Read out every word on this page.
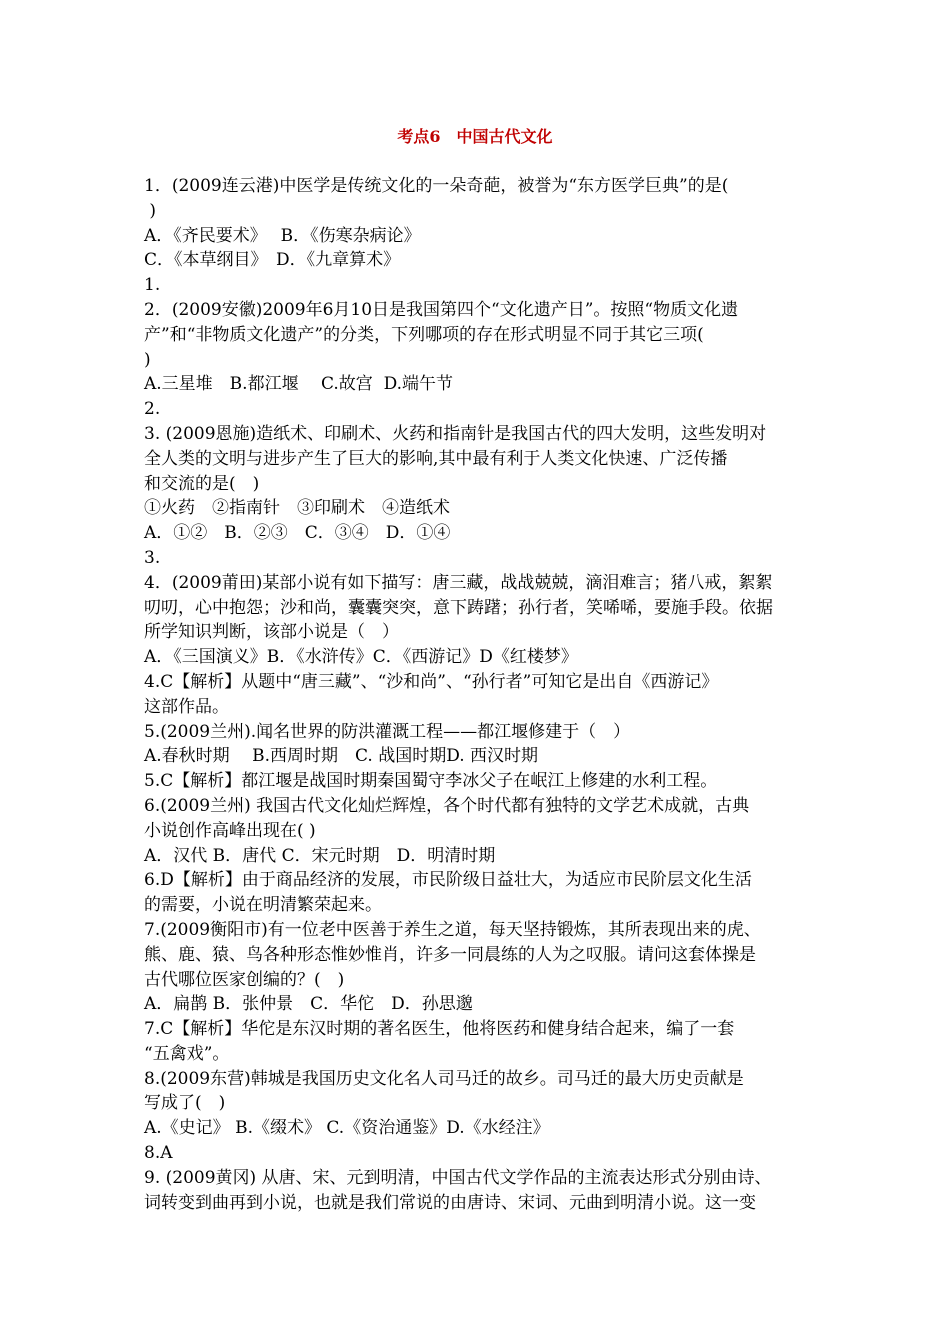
考点6　中国古代文化
1．(2009连云港)中医学是传统文化的一朵奇葩，被誉为“东方医学巨典”的是(
)
A．《齐民要术》　 B．《伤寒杂病论》
C．《本草纲目》　D．《九章算术》
1.
2．(2009安徽)2009年6月10日是我国第四个“文化遗产日”。按照“物质文化遗
产”和“非物质文化遗产”的分类，下列哪项的存在形式明显不同于其它三项(
)
A.三星堆　B.都江堰　 C.故宫  D.端午节
2.
3. (2009恩施)造纸术、印刷术、火药和指南针是我国古代的四大发明，这些发明对
全人类的文明与进步产生了巨大的影响,其中最有利于人类文化快速、广泛传播
和交流的是(　)
①火药　②指南针　③印刷术　④造纸术
A．①②　B．②③　C．③④　D．①④
3.
4．(2009莆田)某部小说有如下描写：唐三藏，战战兢兢，滴泪难言；猪八戒，絮絮
叨叨，心中抱怨；沙和尚，囊囊突突，意下踌躇；孙行者，笑唏唏，要施手段。依据
所学知识判断，该部小说是（　）
A．《三国演义》B．《水浒传》C．《西游记》D《红楼梦》
4.C【解析】从题中“唐三藏”、“沙和尚”、“孙行者”可知它是出自《西游记》
这部作品。
5.(2009兰州).闻名世界的防洪灌溉工程——都江堰修建于（　）
A.春秋时期　 B.西周时期　C. 战国时期D. 西汉时期
5.C【解析】都江堰是战国时期秦国蜀守李冰父子在岷江上修建的水利工程。
6.(2009兰州) 我国古代文化灿烂辉煌，各个时代都有独特的文学艺术成就，古典
小说创作高峰出现在( )
A．汉代 B．唐代 C．宋元时期　D．明清时期
6.D【解析】由于商品经济的发展，市民阶级日益壮大，为适应市民阶层文化生活
的需要，小说在明清繁荣起来。
7.(2009衡阳市)有一位老中医善于养生之道，每天坚持锻炼，其所表现出来的虎、
熊、鹿、猿、鸟各种形态惟妙惟肖，许多一同晨练的人为之叹服。请问这套体操是
古代哪位医家创编的？(　)
A．扁鹊 B．张仲景　C．华佗　D．孙思邈
7.C【解析】华佗是东汉时期的著名医生，他将医药和健身结合起来，编了一套
“五禽戏”。
8.(2009东营)韩城是我国历史文化名人司马迁的故乡。司马迁的最大历史贡献是
写成了(　)
A.《史记》 B.《缀术》 C.《资治通鉴》D.《水经注》
8.A
9. (2009黄冈) 从唐、宋、元到明清，中国古代文学作品的主流表达形式分别由诗、
词转变到曲再到小说，也就是我们常说的由唐诗、宋词、元曲到明清小说。这一变
